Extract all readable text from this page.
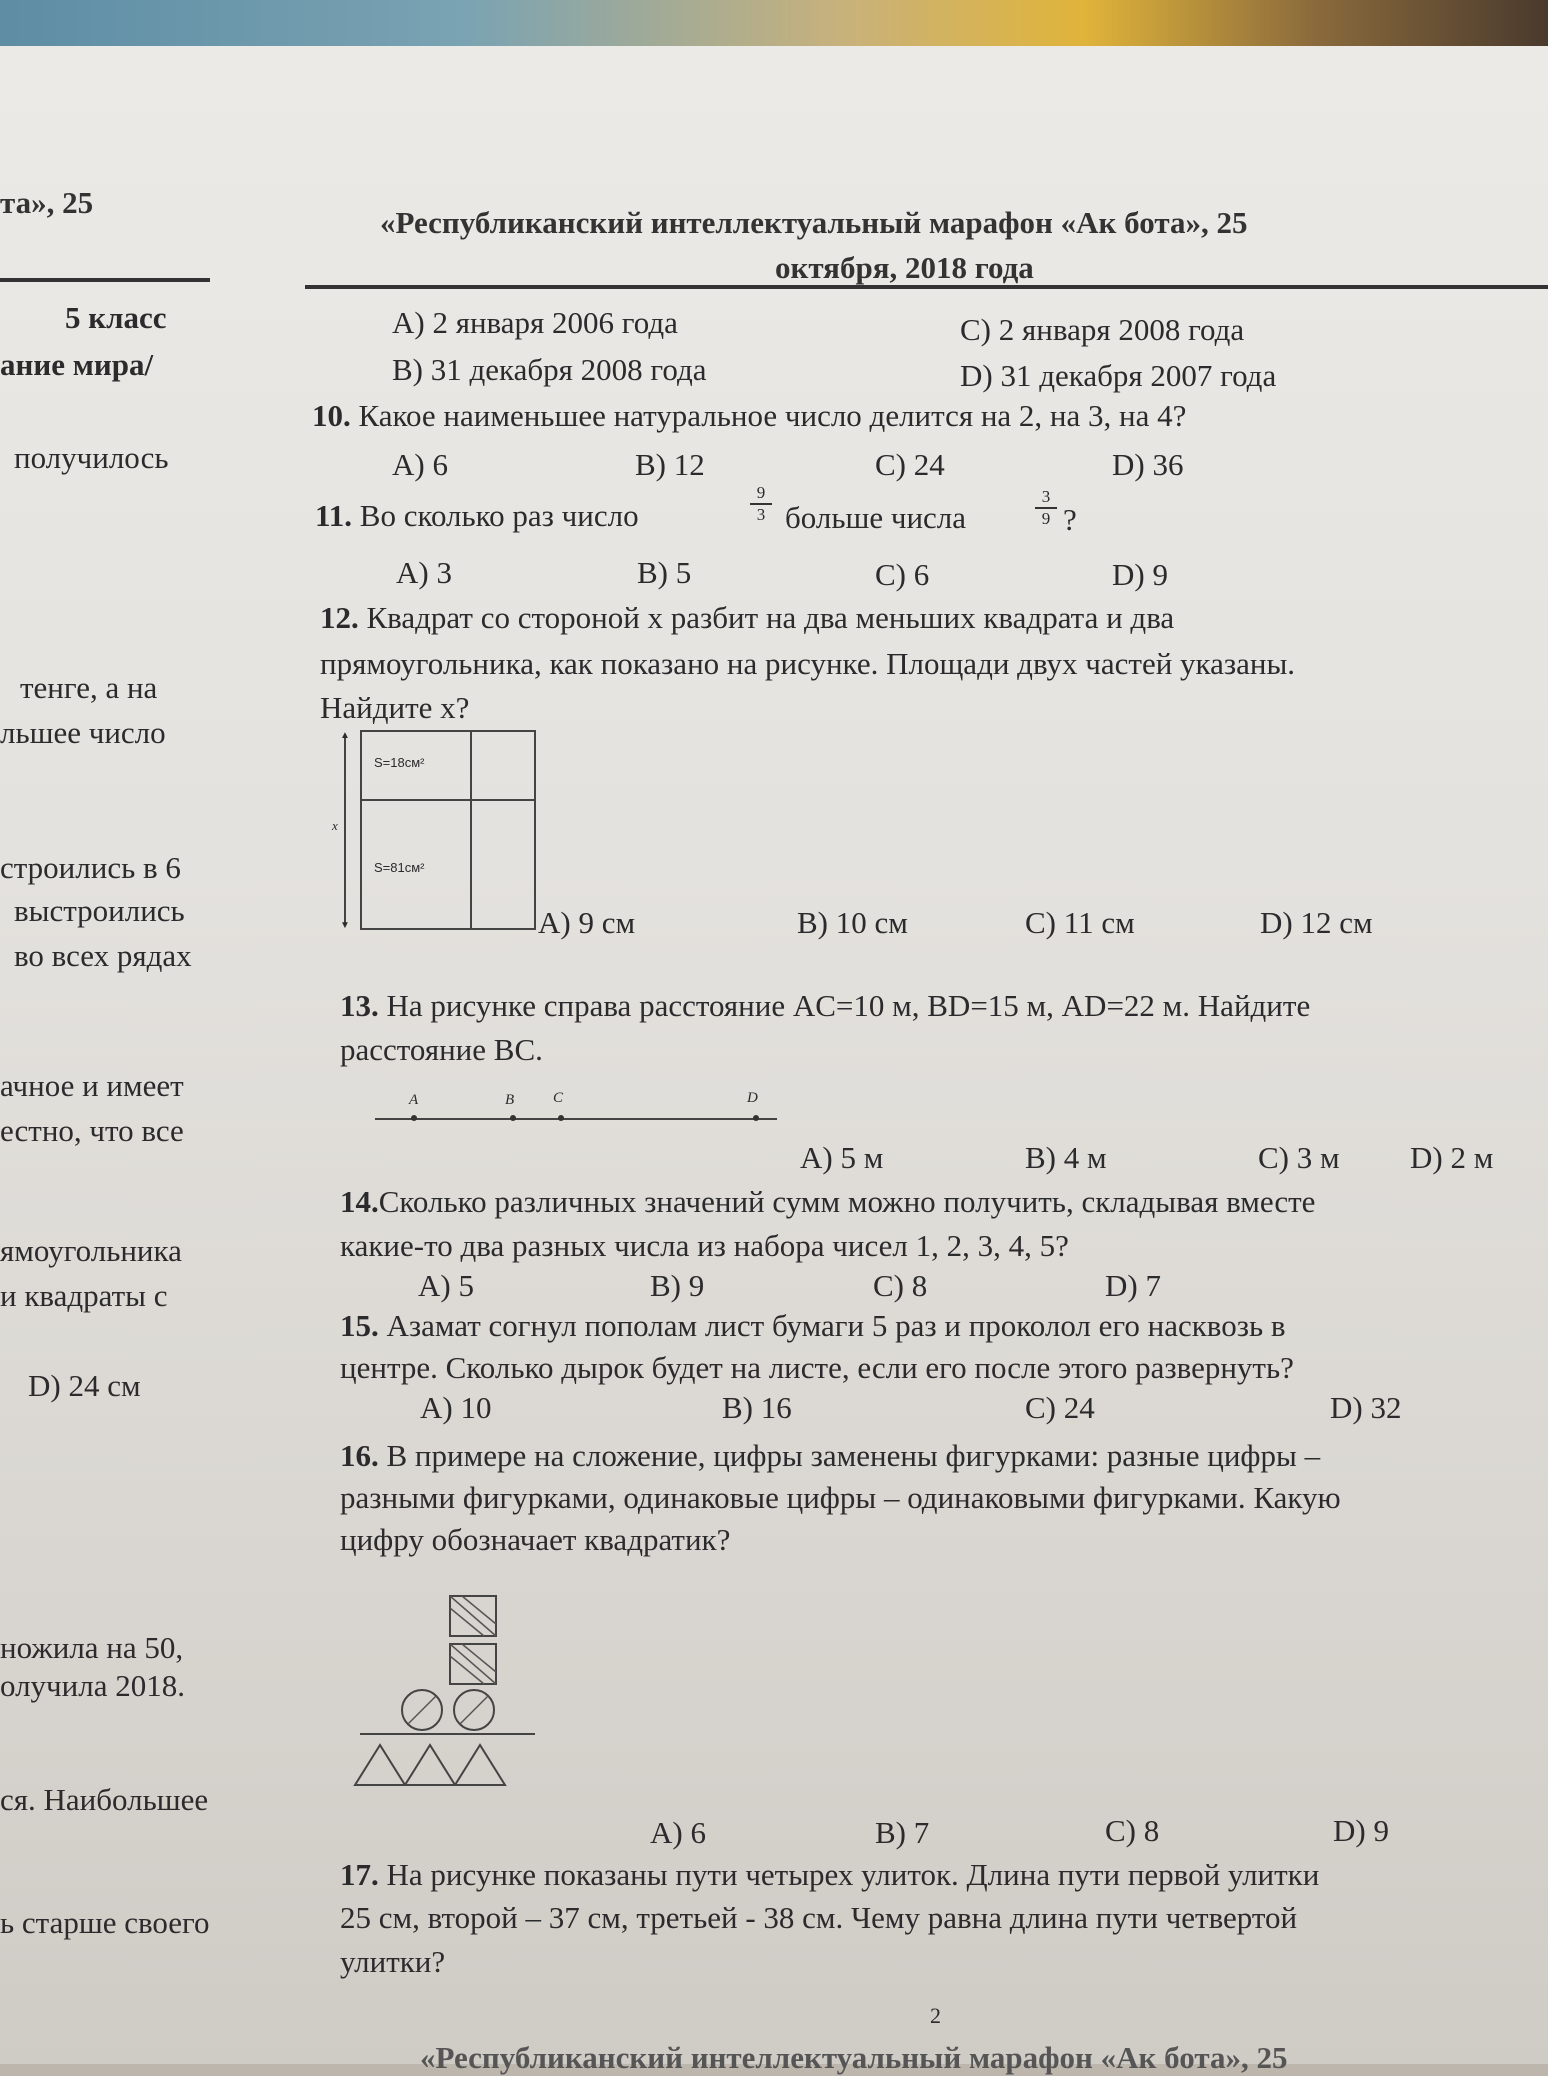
та», 25
«Республиканский интеллектуальный марафон «Ак бота», 25
октября, 2018 года
5 класс
ание мира/
получилось
тенге, а на
льшее число
строились в 6
выстроились
во всех рядах
ачное и имеет
естно, что все
ямоугольника
и квадраты с
D) 24 см
ножила на 50,
олучила 2018.
ся. Наибольшее
ь старше своего
A) 2 января 2006 года	C) 2 января 2008 года
B) 31 декабря 2008 года	D) 31 декабря 2007 года
10. Какое наименьшее натуральное число делится на 2, на 3, на 4?
A) 6	B) 12	C) 24	D) 36
11. Во сколько раз число
9
3 больше числа
3
9 ?
A) 3	B) 5	C) 6	D) 9
12. Квадрат со стороной x разбит на два меньших квадрата и два
прямоугольника, как показано на рисунке. Площади двух частей указаны.
Найдите x?
S=18см²
S=81см²
▲
▼
x
A) 9 см	B) 10 см	C) 11 см	D) 12 см
13. На рисунке справа расстояние AC=10 м, BD=15 м, AD=22 м. Найдите
расстояние BC.
A	B	C	D
A) 5 м	B) 4 м	C) 3 м D) 2 м
14.Сколько различных значений сумм можно получить, складывая вместе
какие-то два разных числа из набора чисел 1, 2, 3, 4, 5?
A) 5	B) 9	C) 8	D) 7
15. Азамат согнул пополам лист бумаги 5 раз и проколол его насквозь в
центре. Сколько дырок будет на листе, если его после этого развернуть?
A) 10	B) 16	C) 24	D) 32
16. В примере на сложение, цифры заменены фигурками: разные цифры –
разными фигурками, одинаковые цифры – одинаковыми фигурками. Какую
цифру обозначает квадратик?
A) 6	B) 7	C) 8	D) 9
17. На рисунке показаны пути четырех улиток. Длина пути первой улитки
25 см, второй – 37 см, третьей - 38 см. Чему равна длина пути четвертой
улитки?
2
«Республиканский интеллектуальный марафон «Ак бота», 25
